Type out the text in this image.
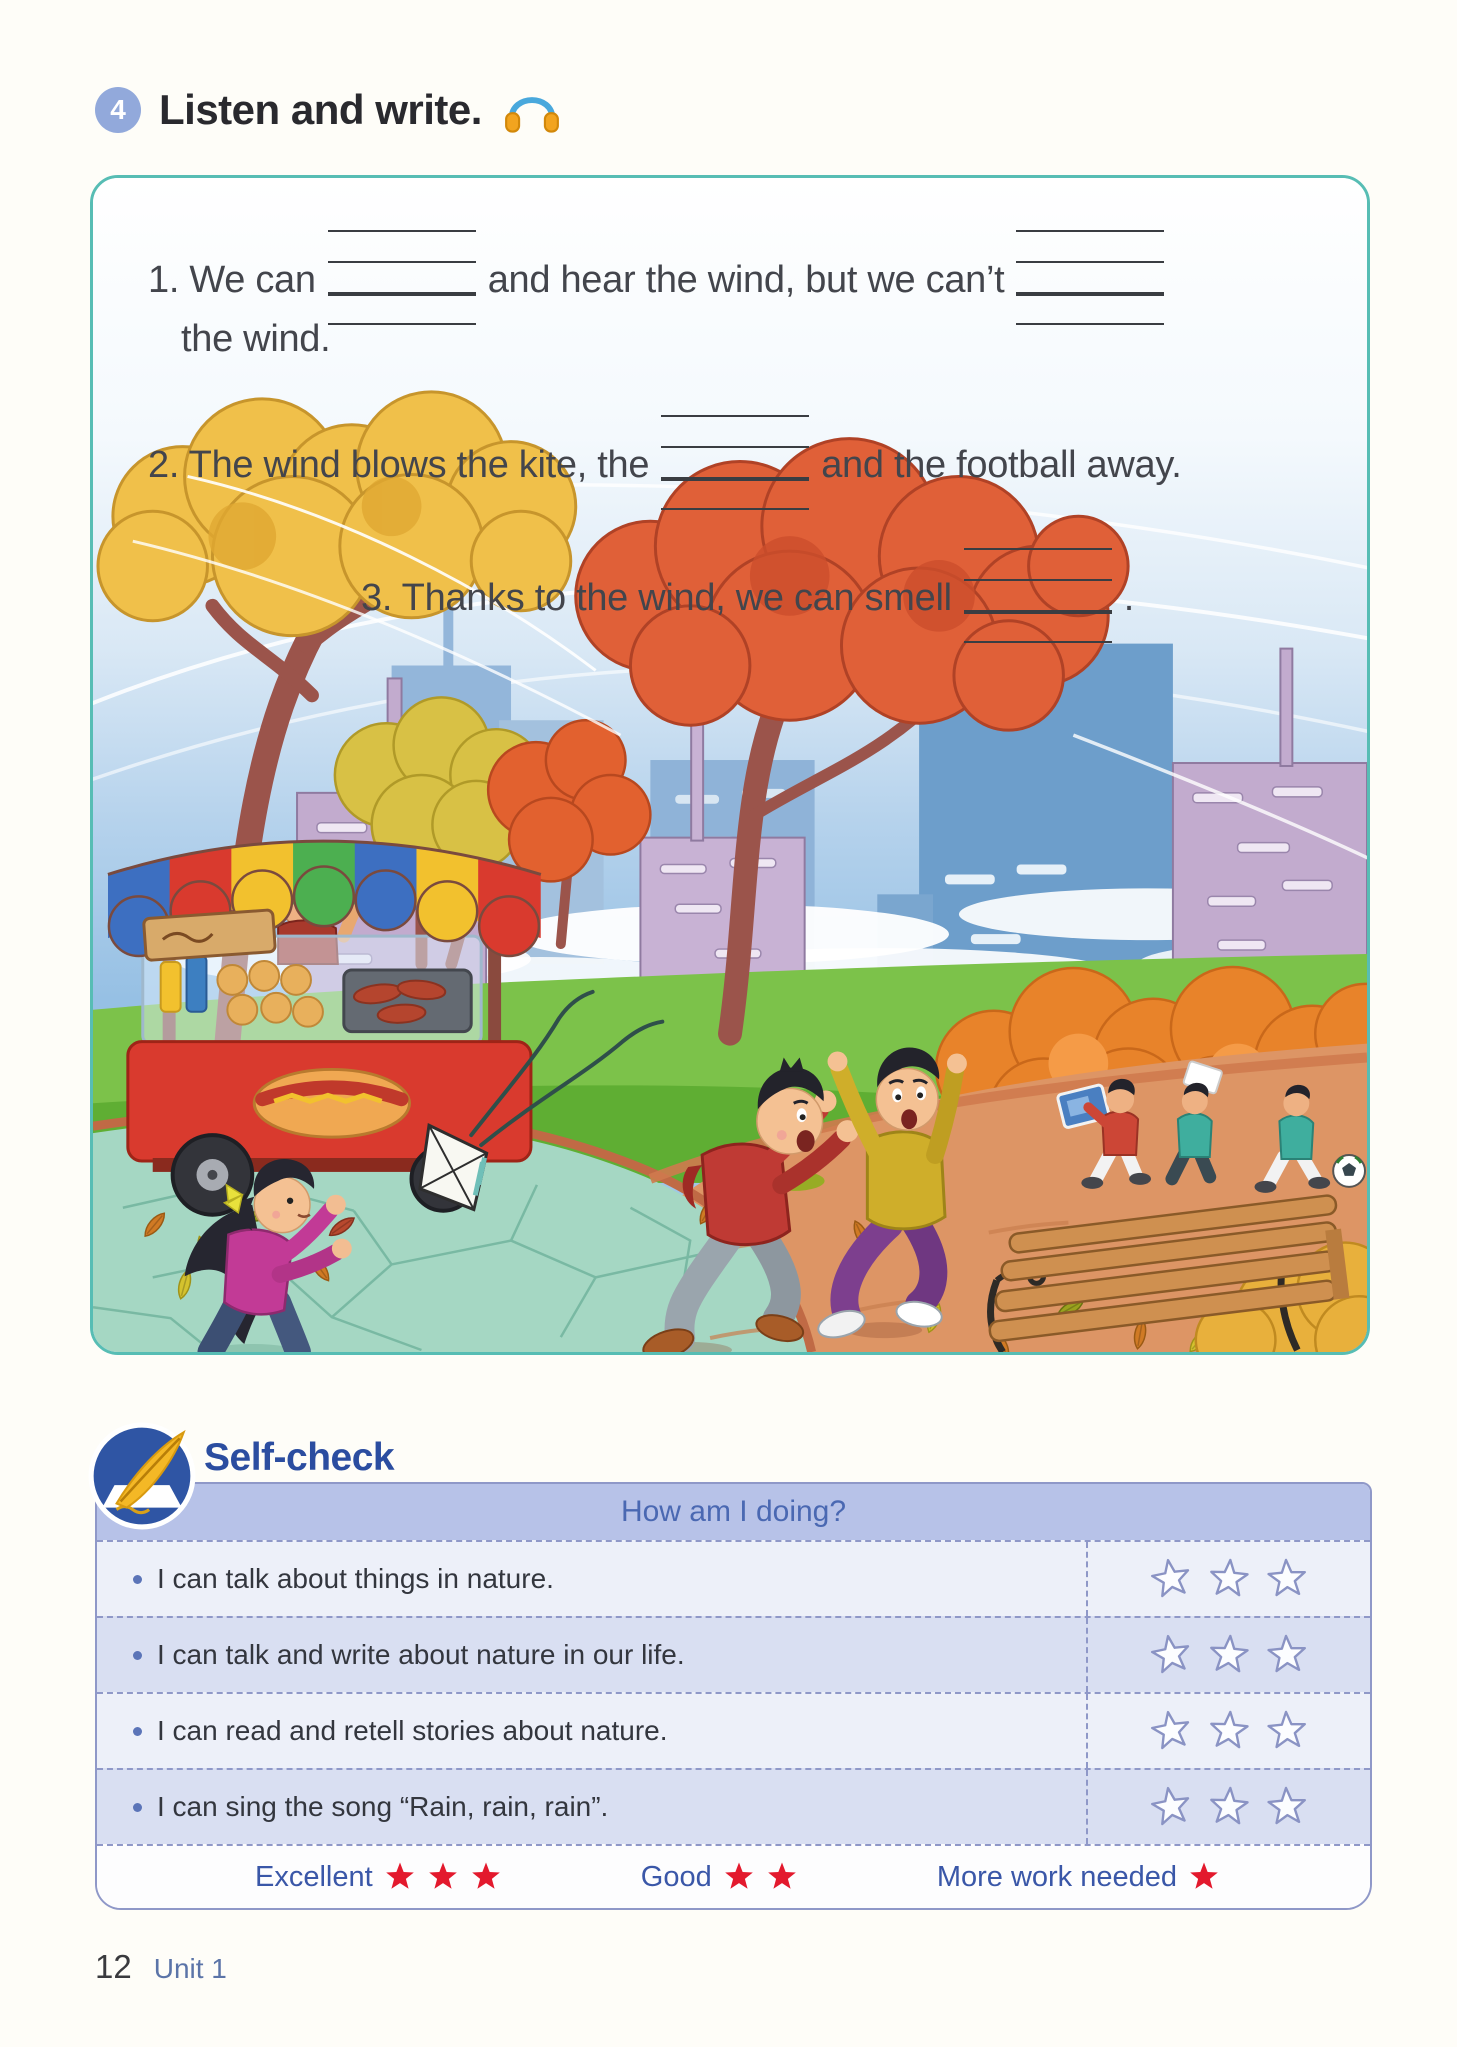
4 Listen and write.

1. We can	and hear the wind, but we can’t

the wind.

2. The wind blows the kite, the	and the football away.

3. Thanks to the wind, we can smell	.

Self-check
How am I doing?
I can talk about things in nature.
I can talk and write about nature in our life.
I can read and retell stories about nature.
I can sing the song “Rain, rain, rain”.
Excellent	Good	More work needed
12 Unit 1
